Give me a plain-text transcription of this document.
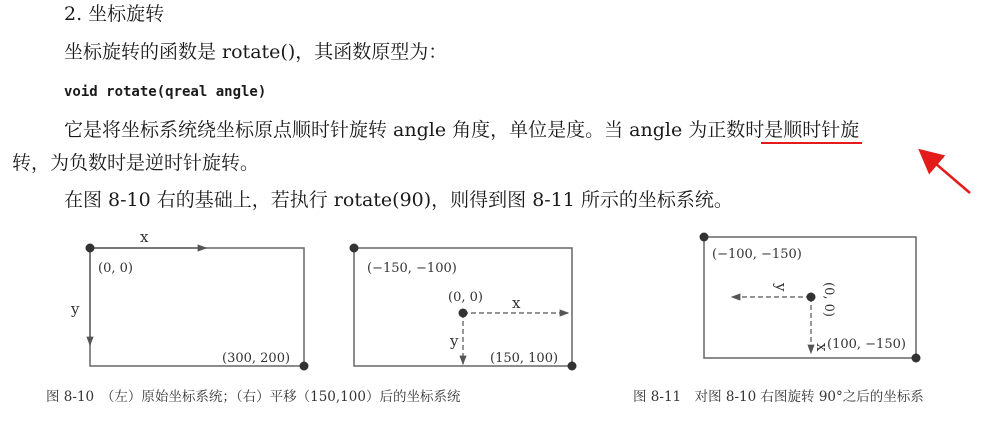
2. 坐标旋转
坐标旋转的函数是 rotate()，其函数原型为：
void rotate(qreal angle)
它是将坐标系统绕坐标原点顺时针旋转 angle 角度，单位是度。当 angle 为正数时是顺时针旋
转，为负数时是逆时针旋转。
在图 8-10 右的基础上，若执行 rotate(90)，则得到图 8-11 所示的坐标系统。
x
y
(0, 0)
(300, 200)
(−150, −100)
(0, 0) x
y
(150, 100)
(−100, −150)
(0, 0)
y
x
(100, −150)
图 8-10　（左）原始坐标系统；（右）平移（150,100）后的坐标系统	图 8-11　对图 8-10 右图旋转 90°之后的坐标系
